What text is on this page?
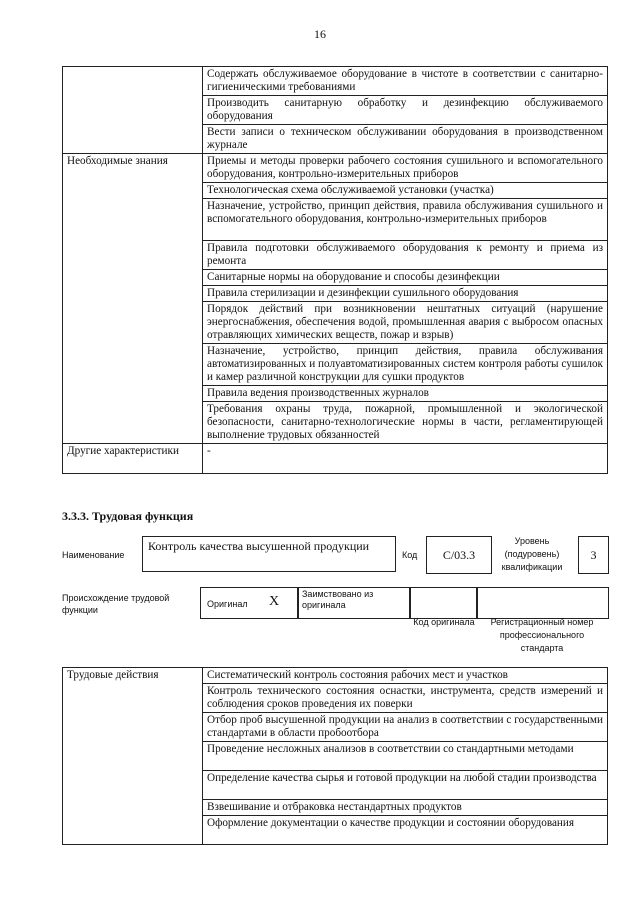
16
	Содержать обслуживаемое оборудование в чистоте в соответствии с санитарно-гигиеническими требованиями
	Производить санитарную обработку и дезинфекцию обслуживаемого оборудования
	Вести записи о техническом обслуживании оборудования в производственном журнале
Необходимые знания	Приемы и методы проверки рабочего состояния сушильного и вспомогательного оборудования, контрольно-измерительных приборов
	Технологическая схема обслуживаемой установки (участка)
	Назначение, устройство, принцип действия, правила обслуживания сушильного и вспомогательного оборудования, контрольно-измерительных приборов
	Правила подготовки обслуживаемого оборудования к ремонту и приема из ремонта
	Санитарные нормы на оборудование и способы дезинфекции
	Правила стерилизации и дезинфекции сушильного оборудования
	Порядок действий при возникновении нештатных ситуаций (нарушение энергоснабжения, обеспечения водой, промышленная авария с выбросом опасных отравляющих химических веществ, пожар и взрыв)
	Назначение, устройство, принцип действия, правила обслуживания автоматизированных и полуавтоматизированных систем контроля работы сушилок и камер различной конструкции для сушки продуктов
	Правила ведения производственных журналов
	Требования охраны труда, пожарной, промышленной и экологической безопасности, санитарно-технологические нормы в части, регламентирующей выполнение трудовых обязанностей
Другие характеристики	-
3.3.3. Трудовая функция
Наименование
Контроль качества высушенной продукции
Код	С/03.3
Уровень (подуровень) квалификации
3
Происхождение трудовой функции
Оригинал X	Заимствовано из оригинала
Код оригинала	Регистрационный номер профессионального стандарта
Трудовые действия	Систематический контроль состояния рабочих мест и участков
Контроль технического состояния оснастки, инструмента, средств измерений и соблюдения сроков проведения их поверки
Отбор проб высушенной продукции на анализ в соответствии с государственными стандартами в области пробоотбора
Проведение несложных анализов в соответствии со стандартными методами
Определение качества сырья и готовой продукции на любой стадии производства
Взвешивание и отбраковка нестандартных продуктов
Оформление документации о качестве продукции и состоянии оборудования
